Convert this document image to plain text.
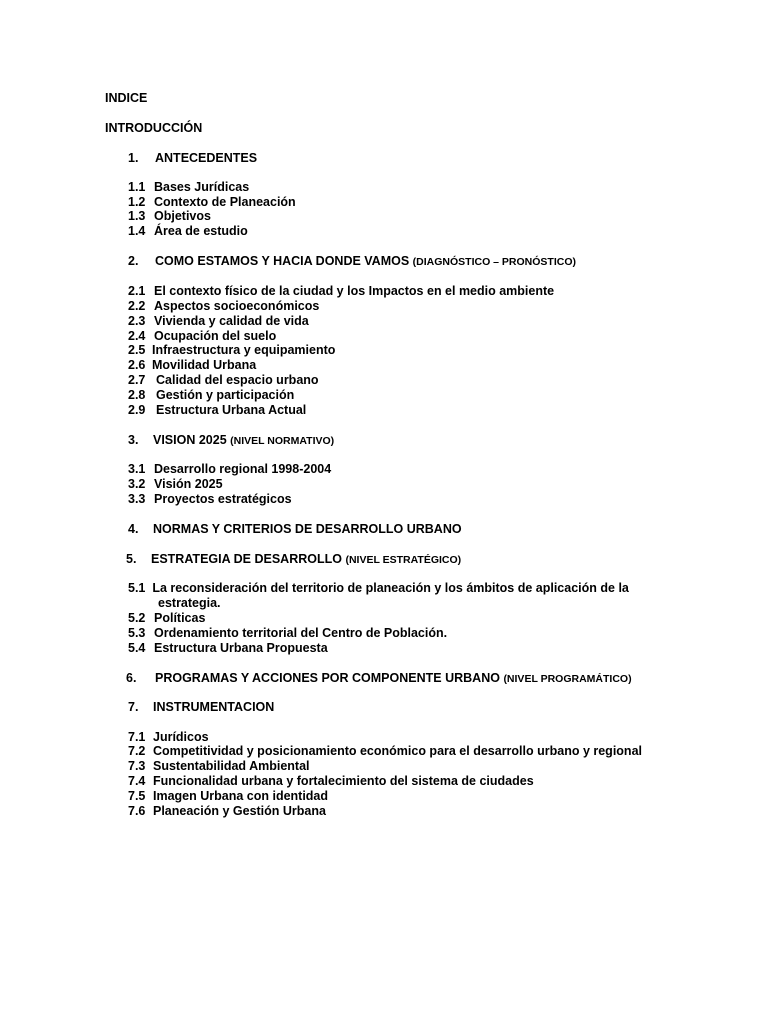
INDICE
INTRODUCCIÓN
1. ANTECEDENTES
1.1 Bases Jurídicas
1.2 Contexto de Planeación
1.3 Objetivos
1.4 Área de estudio
2. COMO ESTAMOS Y HACIA DONDE VAMOS (DIAGNÓSTICO – PRONÓSTICO)
2.1 El contexto físico de la ciudad y los Impactos en el medio ambiente
2.2 Aspectos socioeconómicos
2.3 Vivienda y calidad de vida
2.4 Ocupación del suelo
2.5 Infraestructura y equipamiento
2.6 Movilidad Urbana
2.7 Calidad del espacio urbano
2.8 Gestión y participación
2.9 Estructura Urbana Actual
3. VISION 2025 (NIVEL NORMATIVO)
3.1 Desarrollo regional 1998-2004
3.2 Visión 2025
3.3 Proyectos estratégicos
4. NORMAS Y CRITERIOS DE DESARROLLO URBANO
5. ESTRATEGIA DE DESARROLLO (NIVEL ESTRATÉGICO)
5.1 La reconsideración del territorio de planeación y los ámbitos de aplicación de la
estrategia.
5.2 Políticas
5.3 Ordenamiento territorial del Centro de Población.
5.4 Estructura Urbana Propuesta
6. PROGRAMAS Y ACCIONES POR COMPONENTE URBANO (NIVEL PROGRAMÁTICO)
7. INSTRUMENTACION
7.1 Jurídicos
7.2 Competitividad y posicionamiento económico para el desarrollo urbano y regional
7.3 Sustentabilidad Ambiental
7.4 Funcionalidad urbana y fortalecimiento del sistema de ciudades
7.5 Imagen Urbana con identidad
7.6 Planeación y Gestión Urbana
